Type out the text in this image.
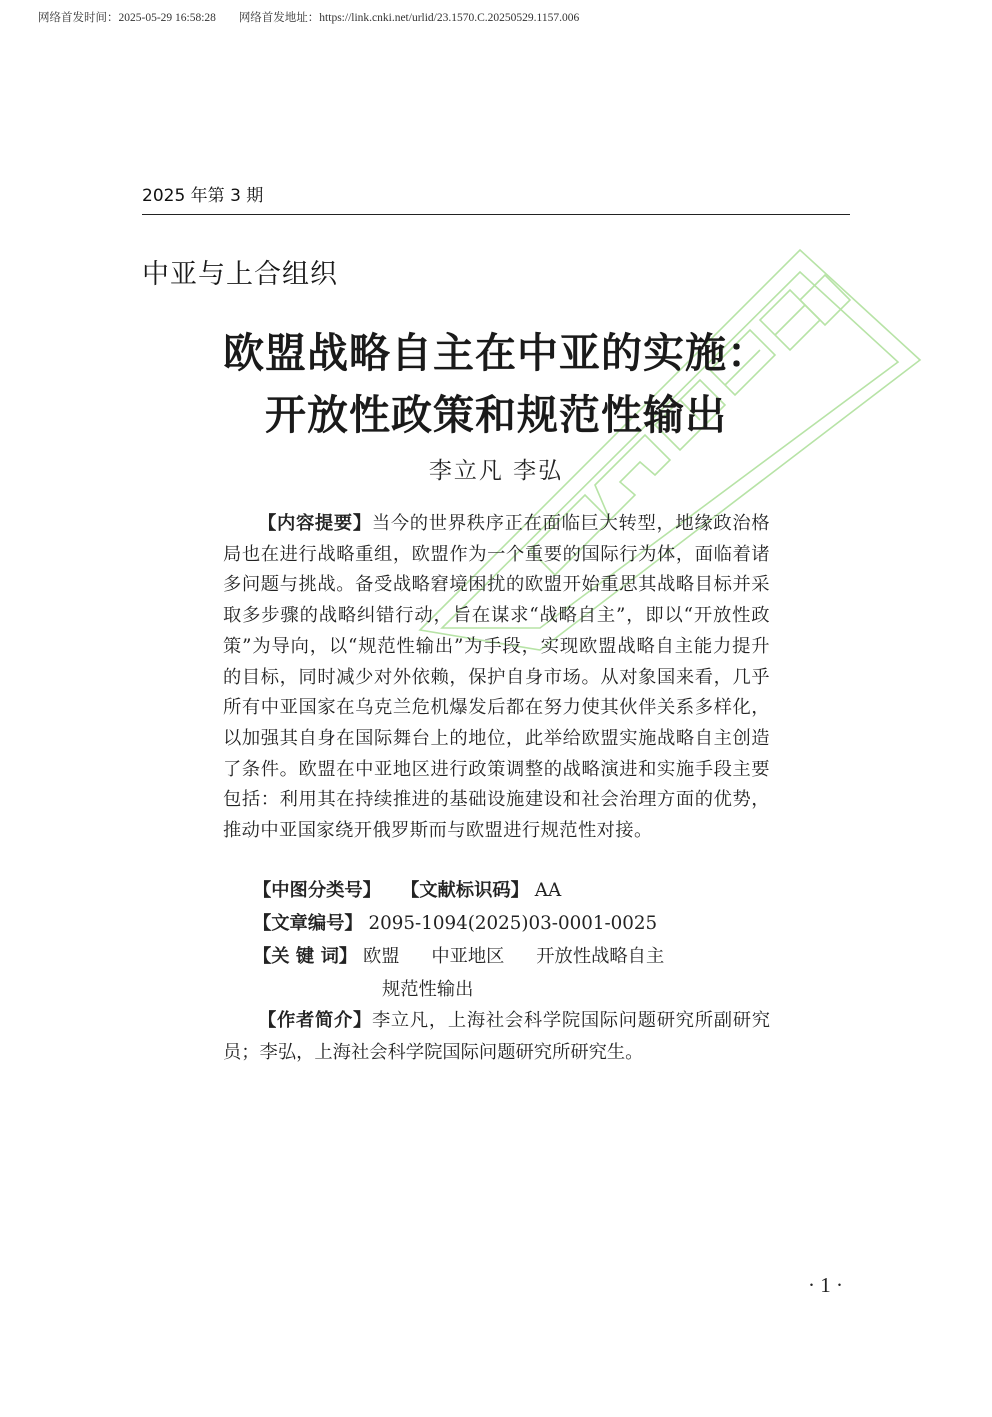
网络首发时间：2025-05-29 16:58:28 网络首发地址：https://link.cnki.net/urlid/23.1570.C.20250529.1157.006
2025 年第 3 期
中亚与上合组织
欧盟战略自主在中亚的实施：
开放性政策和规范性输出
李立凡 李弘
【内容提要】当今的世界秩序正在面临巨大转型，地缘政治格局也在进行战略重组，欧盟作为一个重要的国际行为体，面临着诸多问题与挑战。备受战略窘境困扰的欧盟开始重思其战略目标并采取多步骤的战略纠错行动，旨在谋求“战略自主”，即以“开放性政策”为导向，以“规范性输出”为手段，实现欧盟战略自主能力提升的目标，同时减少对外依赖，保护自身市场。从对象国来看，几乎所有中亚国家在乌克兰危机爆发后都在努力使其伙伴关系多样化，以加强其自身在国际舞台上的地位，此举给欧盟实施战略自主创造了条件。欧盟在中亚地区进行政策调整的战略演进和实施手段主要包括：利用其在持续推进的基础设施建设和社会治理方面的优势，推动中亚国家绕开俄罗斯而与欧盟进行规范性对接。
【中图分类号】 【文献标识码】 AA
【文章编号】 2095-1094(2025)03-0001-0025
【关 键 词】 欧盟 中亚地区 开放性战略自主
规范性输出
【作者简介】李立凡，上海社会科学院国际问题研究所副研究员；李弘，上海社会科学院国际问题研究所研究生。
· 1 ·
